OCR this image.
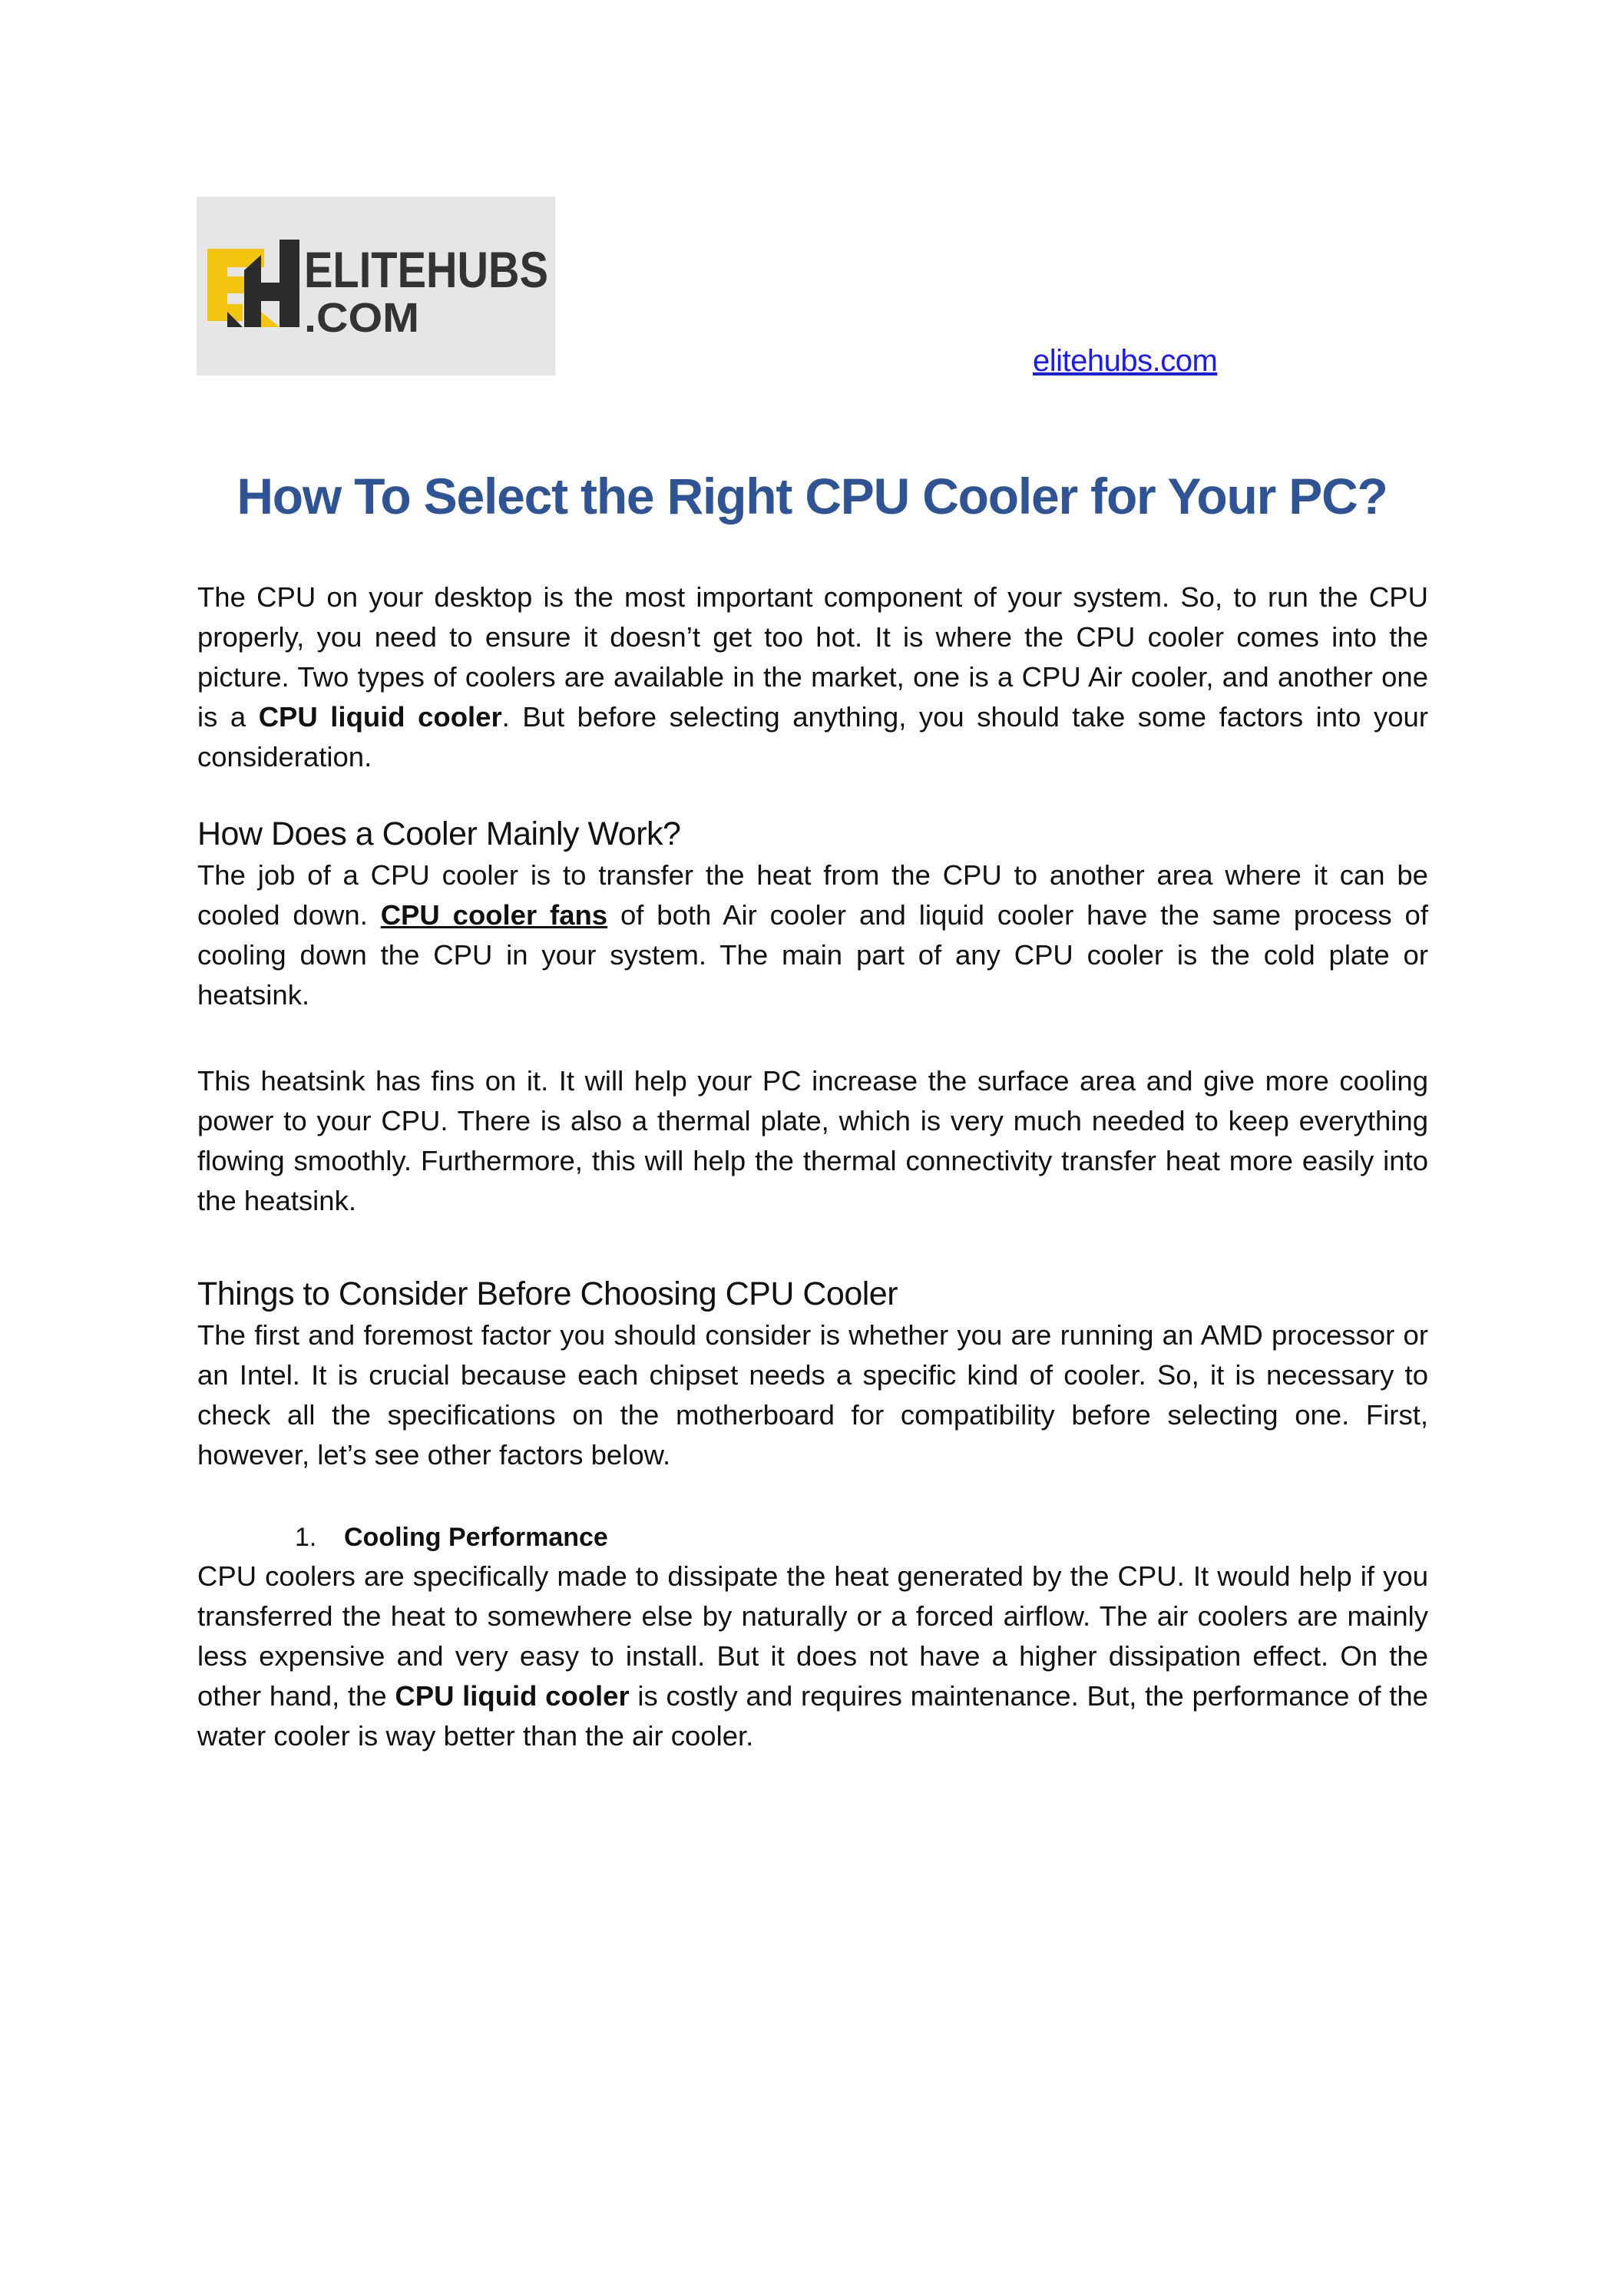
ELITEHUBS
.COM
elitehubs.com
How To Select the Right CPU Cooler for Your PC?

The CPU on your desktop is the most important component of your system. So, to run the CPU properly, you need to ensure it doesn’t get too hot. It is where the CPU cooler comes into the picture. Two types of coolers are available in the market, one is a CPU Air cooler, and another one is a CPU liquid cooler. But before selecting anything, you should take some factors into your consideration.

How Does a Cooler Mainly Work?

The job of a CPU cooler is to transfer the heat from the CPU to another area where it can be cooled down. CPU cooler fans of both Air cooler and liquid cooler have the same process of cooling down the CPU in your system. The main part of any CPU cooler is the cold plate or heatsink.

This heatsink has fins on it. It will help your PC increase the surface area and give more cooling power to your CPU. There is also a thermal plate, which is very much needed to keep everything flowing smoothly. Furthermore, this will help the thermal connectivity transfer heat more easily into the heatsink.

Things to Consider Before Choosing CPU Cooler

The first and foremost factor you should consider is whether you are running an AMD processor or an Intel. It is crucial because each chipset needs a specific kind of cooler. So, it is necessary to check all the specifications on the motherboard for compatibility before selecting one. First, however, let’s see other factors below.

1. Cooling Performance

CPU coolers are specifically made to dissipate the heat generated by the CPU. It would help if you transferred the heat to somewhere else by naturally or a forced airflow. The air coolers are mainly less expensive and very easy to install. But it does not have a higher dissipation effect. On the other hand, the CPU liquid cooler is costly and requires maintenance. But, the performance of the water cooler is way better than the air cooler.
